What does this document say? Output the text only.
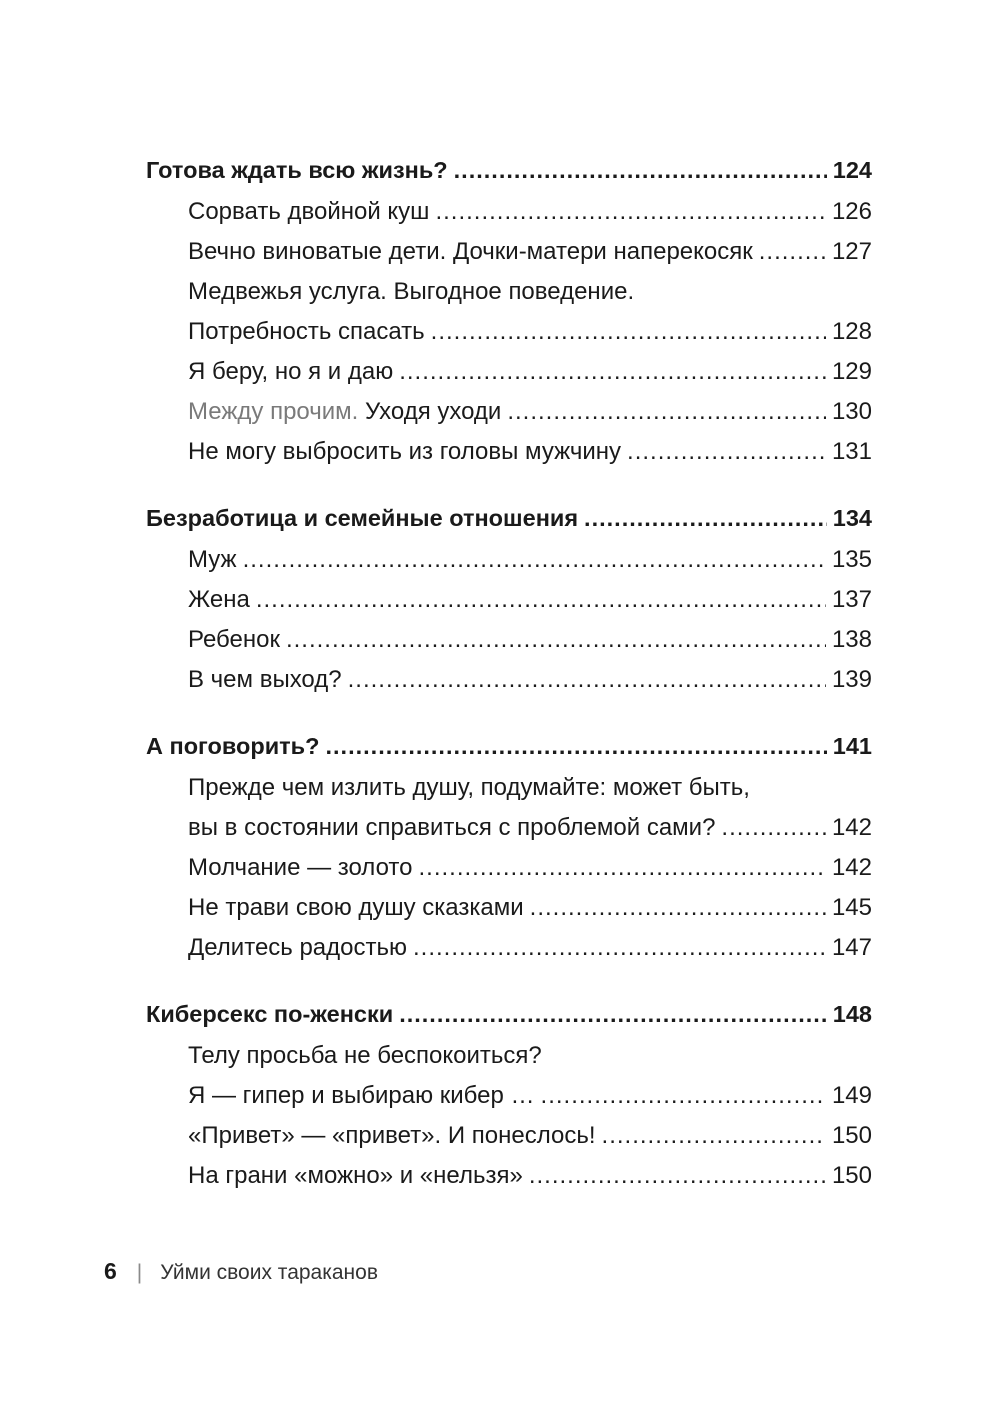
Готова ждать всю жизнь? .....	124
Сорвать двойной куш .....	126
Вечно виноватые дети. Дочки-матери наперекосяк .....	127
Медвежья услуга. Выгодное поведение.
Потребность спасать .....	128
Я беру, но я и даю .....	129
Между прочим. Уходя уходи .....	130
Не могу выбросить из головы мужчину .....	131
Безработица и семейные отношения .....	134
Муж .....	135
Жена .....	137
Ребенок .....	138
В чем выход? .....	139
А поговорить? .....	141
Прежде чем излить душу, подумайте: может быть,
вы в состоянии справиться с проблемой сами? .....	142
Молчание — золото .....	142
Не трави свою душу сказками .....	145
Делитесь радостью .....	147
Киберсекс по-женски .....	148
Телу просьба не беспокоиться?
Я — гипер и выбираю кибер … .....	149
«Привет» — «привет». И понеслось! .....	150
На грани «можно» и «нельзя» .....	150
6 | Уйми своих тараканов
